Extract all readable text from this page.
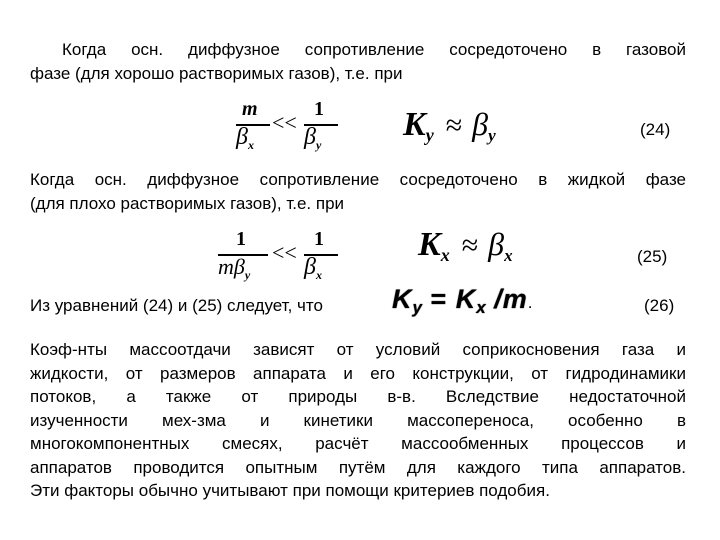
Когда осн. диффузное сопротивление сосредоточено в газовой
фазе (для хорошо растворимых газов), т.е. при
m
$\beta_x$
<<
1
$\beta_y$
Ky ≈ βy	(24)
Когда осн. диффузное сопротивление сосредоточено в жидкой фазе
(для плохо растворимых газов), т.е. при
1
$m\beta_y$
<<
1
$\beta_x$
Kx ≈ βx	(25)
Из уравнений (24) и (25) следует, что	Ky = Kx /m.	(26)
Коэф-нты массоотдачи зависят от условий соприкосновения газа и
жидкости, от размеров аппарата и его конструкции, от гидродинамики
потоков, а также от природы в-в. Вследствие недостаточной
изученности мех-зма и кинетики массопереноса, особенно в
многокомпонентных смесях, расчёт массообменных процессов и
аппаратов проводится опытным путём для каждого типа аппаратов.
Эти факторы обычно учитывают при помощи критериев подобия.
